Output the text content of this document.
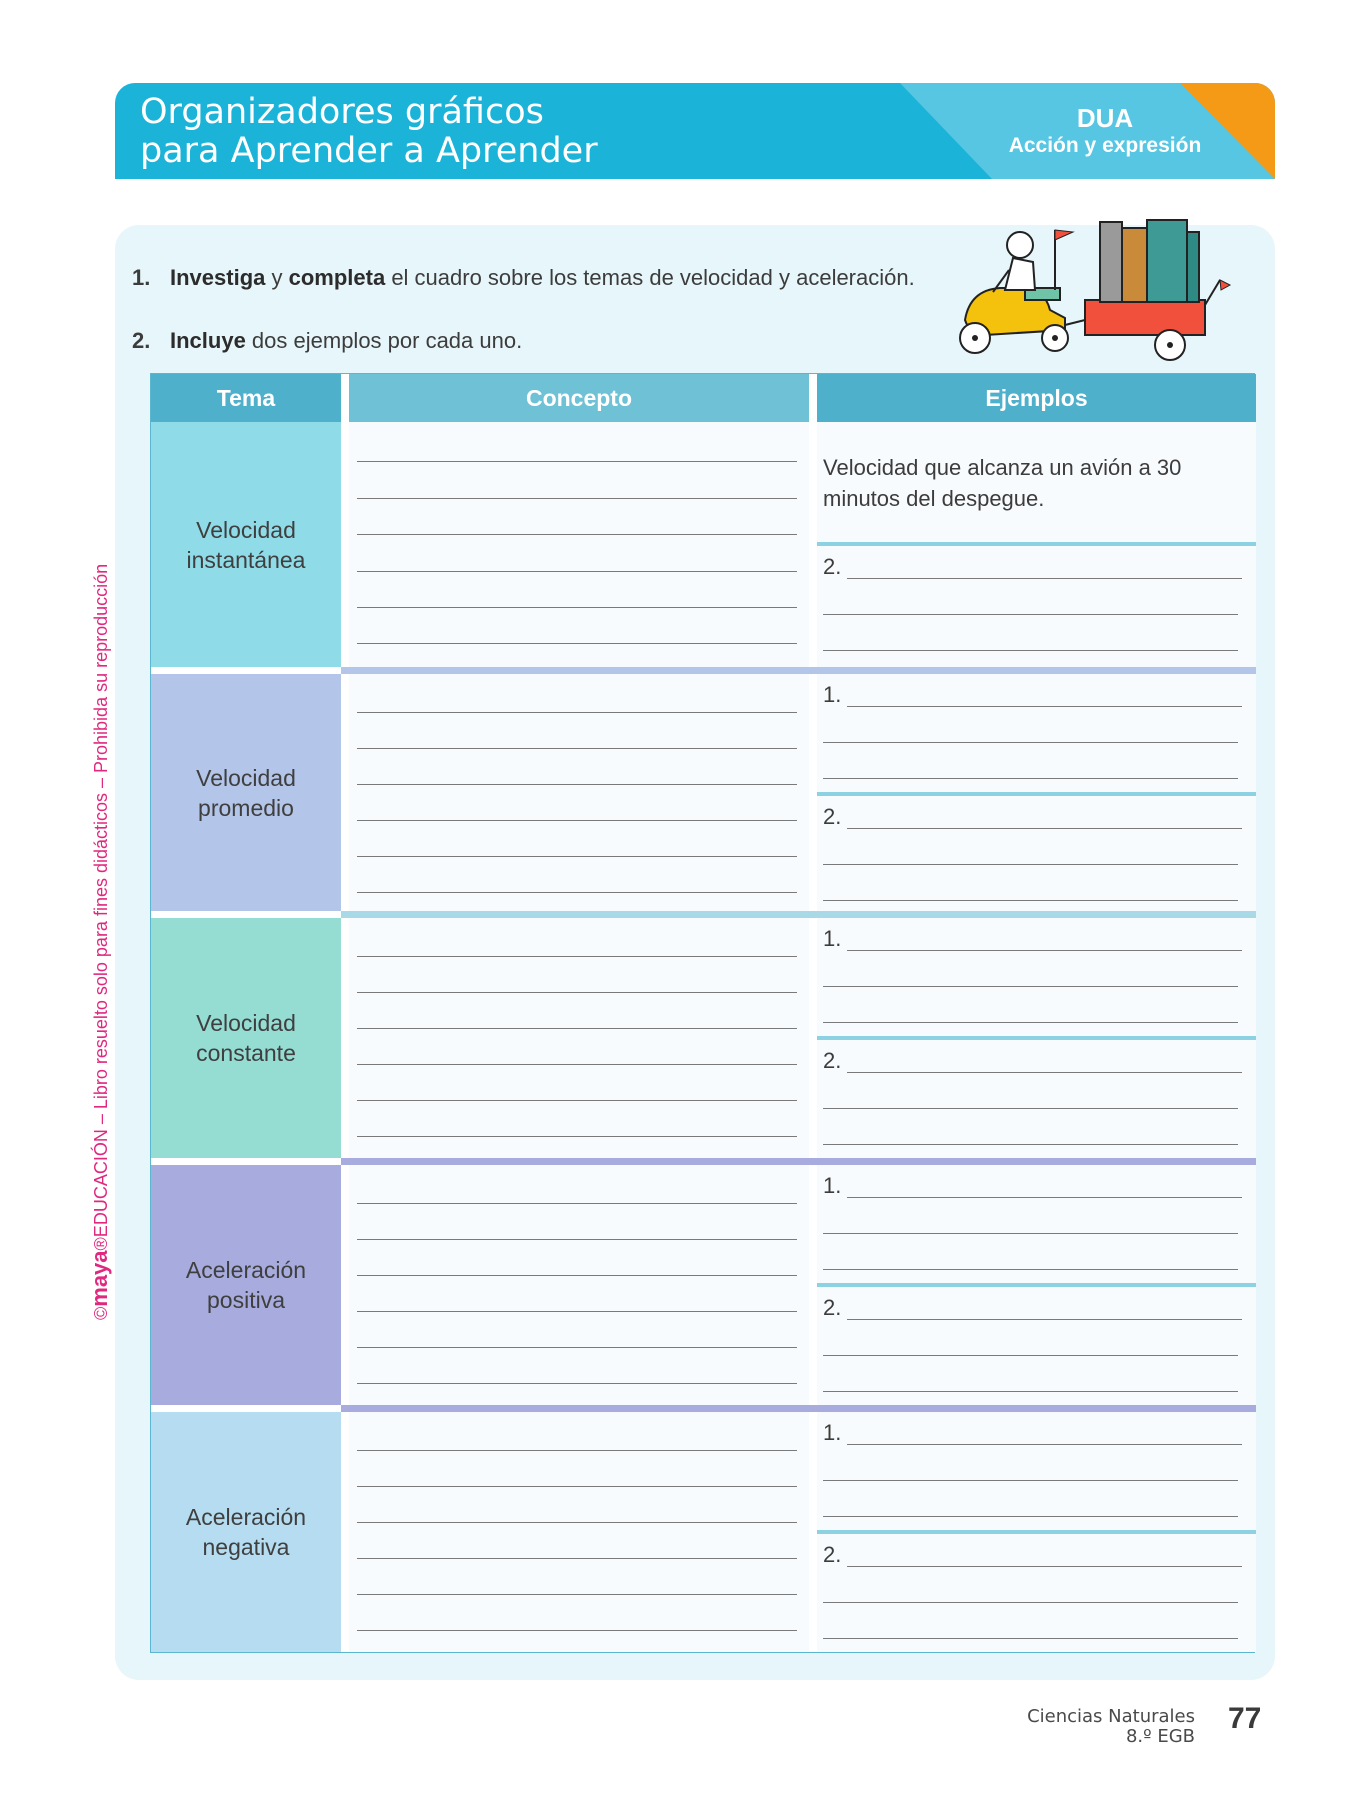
Organizadores gráficos
para Aprender a Aprender
DUA
Acción y expresión
1. Investiga y completa el cuadro sobre los temas de velocidad y aceleración.
2. Incluye dos ejemplos por cada uno.
Tema	Concepto	Ejemplos
Velocidad
instantánea
Velocidad que alcanza un avión a 30 minutos del despegue.
2.
Velocidad
promedio
1.
2.
Velocidad
constante
1.
2.
Aceleración
positiva
1.
2.
Aceleración
negativa
1.
2.
©maya®EDUCACIÓN – Libro resuelto solo para fines didácticos – Prohibida su reproducción
Ciencias Naturales
8.º EGB
77
